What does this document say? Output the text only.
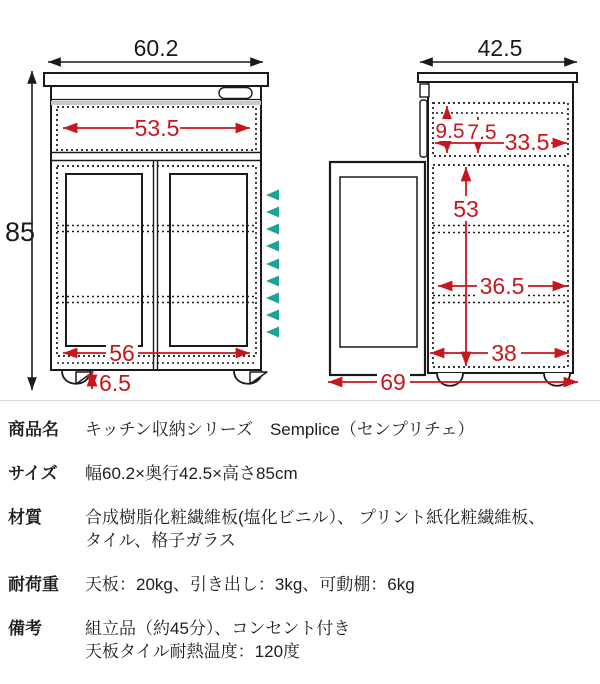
60.2
85
53.5
56
6.5
42.5
9.5 7.5 33.5
53
36.5
38
69
商品名	キッチン収納シリーズ　Semplice（センプリチェ）
サイズ	幅60.2×奥行42.5×高さ85cm
材質	合成樹脂化粧繊維板(塩化ビニル）、 プリント紙化粧繊維板、
タイル、格子ガラス
耐荷重	天板：20kg、引き出し：3kg、可動棚：6kg
備考	組立品（約45分）、コンセント付き
天板タイル耐熱温度：120度
